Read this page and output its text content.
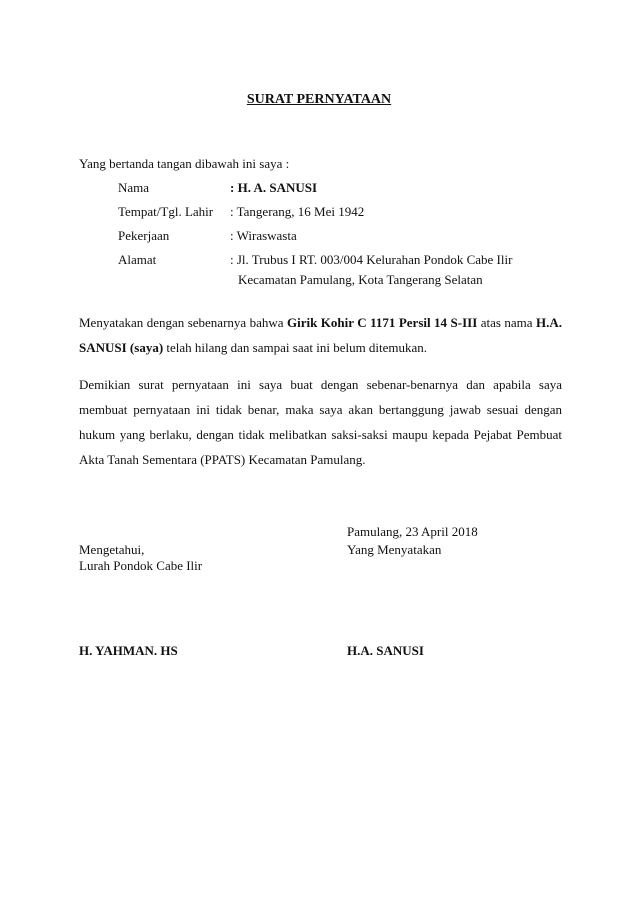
SURAT PERNYATAAN
Yang bertanda tangan dibawah ini saya :
Nama	: H. A. SANUSI
Tempat/Tgl. Lahir : Tangerang, 16 Mei 1942
Pekerjaan	: Wiraswasta
Alamat	: Jl. Trubus I RT. 003/004 Kelurahan Pondok Cabe Ilir
Kecamatan Pamulang, Kota Tangerang Selatan
Menyatakan dengan sebenarnya bahwa Girik Kohir C 1171 Persil 14 S-III atas nama H.A. SANUSI (saya) telah hilang dan sampai saat ini belum ditemukan.
Demikian surat pernyataan ini saya buat dengan sebenar-benarnya dan apabila saya membuat pernyataan ini tidak benar, maka saya akan bertanggung jawab sesuai dengan hukum yang berlaku, dengan tidak melibatkan saksi-saksi maupu kepada Pejabat Pembuat Akta Tanah Sementara (PPATS) Kecamatan Pamulang.
Pamulang, 23 April 2018
Mengetahui,
Lurah Pondok Cabe Ilir
Yang Menyatakan
H. YAHMAN. HS	H.A. SANUSI
